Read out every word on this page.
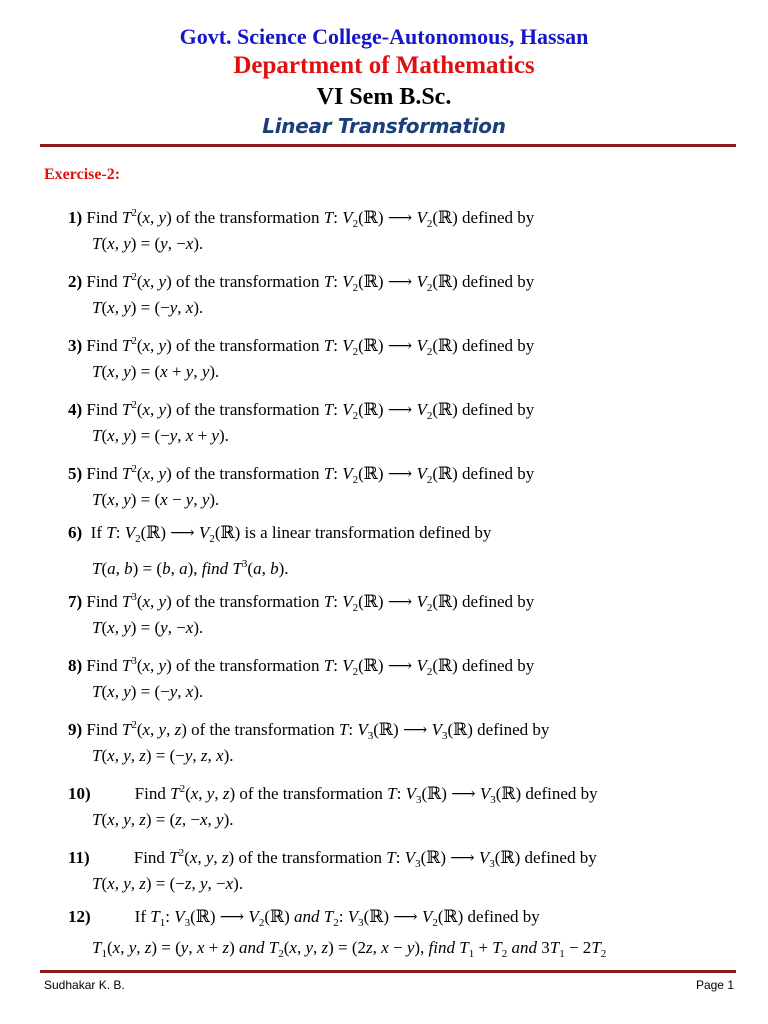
Govt. Science College-Autonomous, Hassan
Department of Mathematics
VI Sem B.Sc.
Linear Transformation
Exercise-2:
1) Find $T^2(x$, y) of the transformation T: $V_2(ℝ)$ ⟶ $V_2(ℝ)$ defined by
T(x, y) = (y, −x).
2) Find $T^2(x$, y) of the transformation T: $V_2(ℝ)$ ⟶ $V_2(ℝ)$ defined by
T(x, y) = (−y, x).
3) Find $T^2(x$, y) of the transformation T: $V_2(ℝ)$ ⟶ $V_2(ℝ)$ defined by
T(x, y) = (x + y, y).
4) Find $T^2(x$, y) of the transformation T: $V_2(ℝ)$ ⟶ $V_2(ℝ)$ defined by
T(x, y) = (−y, x + y).
5) Find $T^2(x$, y) of the transformation T: $V_2(ℝ)$ ⟶ $V_2(ℝ)$ defined by
T(x, y) = (x − y, y).
6)  If T: $V_2(ℝ)$ ⟶ $V_2(ℝ)$ is a linear transformation defined by
T(a, b) = (b, a), find $T^3(a$, b).
7) Find $T^3(x$, y) of the transformation T: $V_2(ℝ)$ ⟶ $V_2(ℝ)$ defined by
T(x, y) = (y, −x).
8) Find $T^3(x$, y) of the transformation T: $V_2(ℝ)$ ⟶ $V_2(ℝ)$ defined by
T(x, y) = (−y, x).
9) Find $T^2(x$, y, z) of the transformation T: $V_3(ℝ)$ ⟶ $V_3(ℝ)$ defined by
T(x, y, z) = (−y, z, x).
10)	Find $T^2(x$, y, z) of the transformation T: $V_3(ℝ)$ ⟶ $V_3(ℝ)$ defined by
T(x, y, z) = (z, −x, y).
11)	Find $T^2(x$, y, z) of the transformation T: $V_3(ℝ)$ ⟶ $V_3(ℝ)$ defined by
T(x, y, z) = (−z, y, −x).
12)	If $T_1$: $V_3(ℝ)$ ⟶ $V_2(ℝ)$ and $T_2$: $V_3(ℝ)$ ⟶ $V_2(ℝ)$ defined by
$T_1(x$, y, z) = (y, x + z) and $T_2(x$, y, z) = (2z, x − y), find $T_1 + T_2$ and $3T_1 - 2T_2$
Sudhakar K. B.	Page 1
